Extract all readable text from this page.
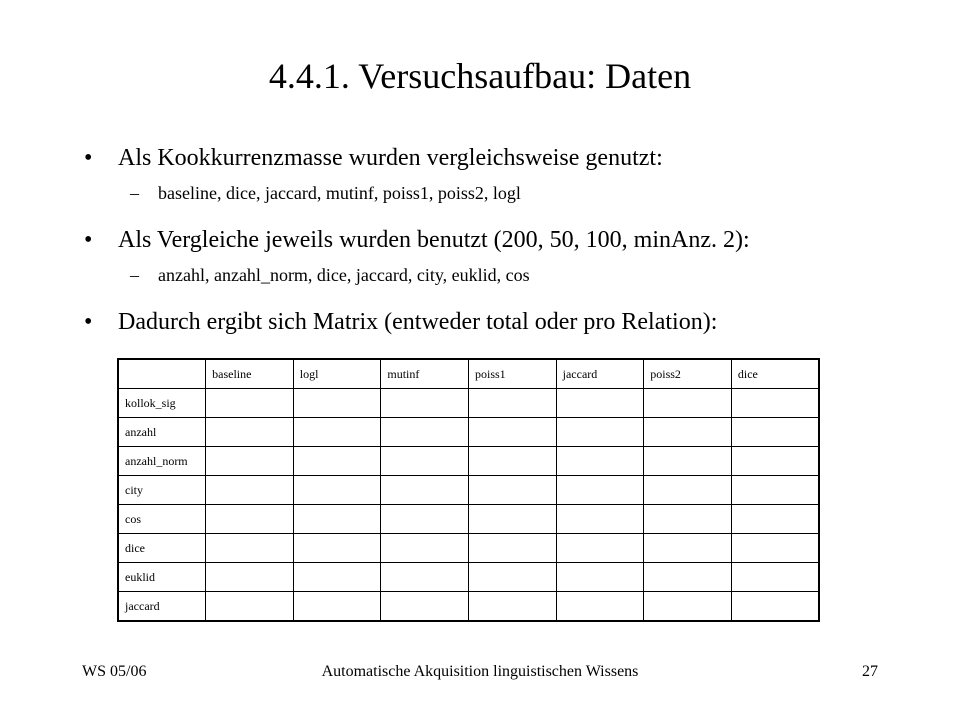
4.4.1. Versuchsaufbau: Daten
• Als Kookkurrenzmasse wurden vergleichsweise genutzt:
– baseline, dice, jaccard, mutinf, poiss1, poiss2, logl
• Als Vergleiche jeweils wurden benutzt (200, 50, 100, minAnz. 2):
– anzahl, anzahl_norm, dice, jaccard, city, euklid, cos
• Dadurch ergibt sich Matrix (entweder total oder pro Relation):
	baseline	logl	mutinf	poiss1	jaccard	poiss2	dice
kollok_sig							
anzahl							
anzahl_norm							
city							
cos							
dice							
euklid							
jaccard							
WS 05/06	Automatische Akquisition linguistischen Wissens	27
